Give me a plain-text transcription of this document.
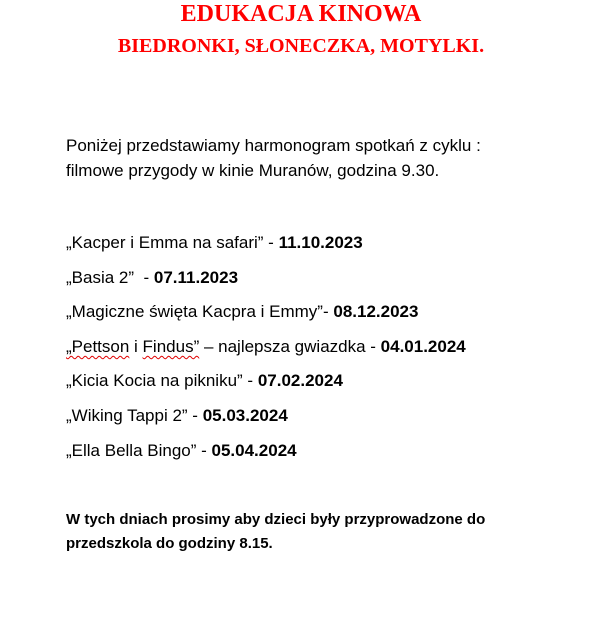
EDUKACJA KINOWA
BIEDRONKI, SŁONECZKA, MOTYLKI.

Poniżej przedstawiamy harmonogram spotkań z cyklu :
filmowe przygody w kinie Muranów, godzina 9.30.

„Kacper i Emma na safari” - 11.10.2023
„Basia 2”  - 07.11.2023
„Magiczne święta Kacpra i Emmy”- 08.12.2023
„Pettson i Findus” – najlepsza gwiazdka - 04.01.2024
„Kicia Kocia na pikniku” - 07.02.2024
„Wiking Tappi 2” - 05.03.2024
„Ella Bella Bingo” - 05.04.2024

W tych dniach prosimy aby dzieci były przyprowadzone do
przedszkola do godziny 8.15.
